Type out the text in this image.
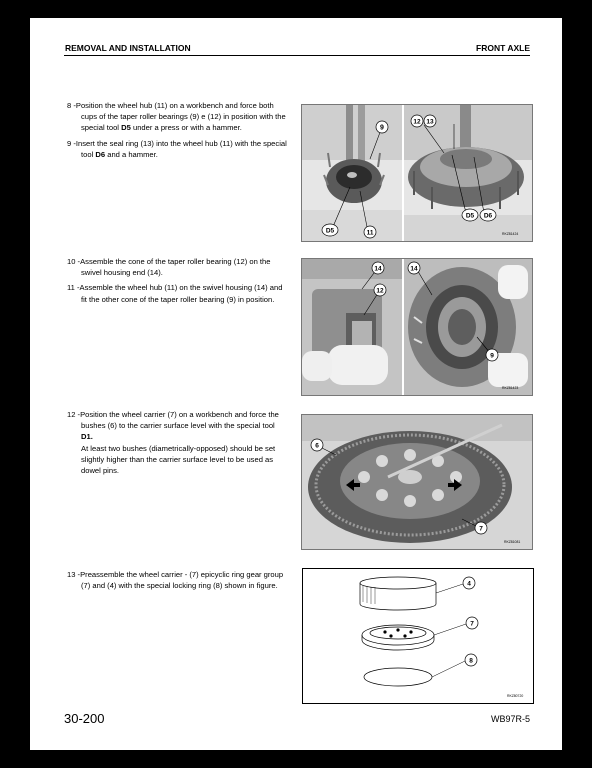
REMOVAL AND INSTALLATION	FRONT AXLE

8 -Position the wheel hub (11) on a workbench and force both cups of the taper roller bearings (9) e (12) in position with the special tool D5 under a press or with a hammer.

9 -Insert the seal ring (13) into the wheel hub (11) with the special tool D6 and a hammer.

10 -Assemble the cone of the taper roller bearing (12) on the swivel housing end (14).

11 -Assemble the wheel hub (11) on the swivel housing (14) and fit the other cone of the taper roller bearing (9) in position.

12 -Position the wheel carrier (7) on a workbench and force the bushes (6) to the carrier surface level with the special tool D1.
At least two bushes (diametrically-opposed) should be set slightly higher than the carrier surface level to be used as dowel pins.

13 -Preassemble the wheel carrier - (7) epicyclic ring gear group (7) and (4) with the special locking ring (8) shown in figure.

9
D5	11
12 13
D5 D6
RKZ81424
14
12
14
9
RKZ81423
6
7
RKZ81081
4
7
8
RKZ80720
30-200	WB97R-5
